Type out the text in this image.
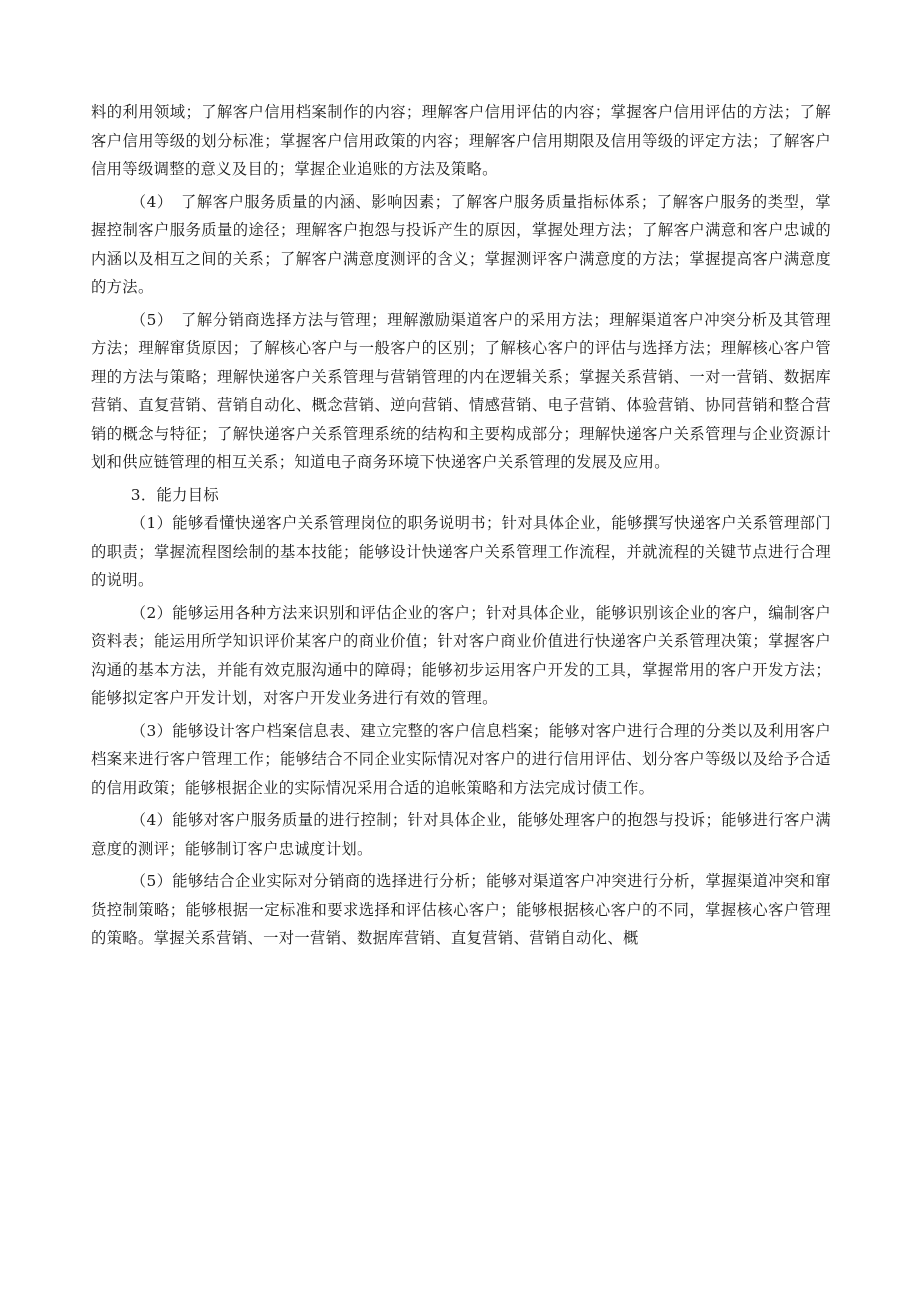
料的利用领域；了解客户信用档案制作的内容；理解客户信用评估的内容；掌握客户信用评估的方法；了解客户信用等级的划分标准；掌握客户信用政策的内容；理解客户信用期限及信用等级的评定方法；了解客户信用等级调整的意义及目的；掌握企业追账的方法及策略。

（4）　了解客户服务质量的内涵、影响因素；了解客户服务质量指标体系；了解客户服务的类型，掌握控制客户服务质量的途径；理解客户抱怨与投诉产生的原因，掌握处理方法；了解客户满意和客户忠诚的内涵以及相互之间的关系；了解客户满意度测评的含义；掌握测评客户满意度的方法；掌握提高客户满意度的方法。

（5）　了解分销商选择方法与管理；理解激励渠道客户的采用方法；理解渠道客户冲突分析及其管理方法；理解窜货原因；了解核心客户与一般客户的区别；了解核心客户的评估与选择方法；理解核心客户管理的方法与策略；理解快递客户关系管理与营销管理的内在逻辑关系；掌握关系营销、一对一营销、数据库营销、直复营销、营销自动化、概念营销、逆向营销、情感营销、电子营销、体验营销、协同营销和整合营销的概念与特征；了解快递客户关系管理系统的结构和主要构成部分；理解快递客户关系管理与企业资源计划和供应链管理的相互关系；知道电子商务环境下快递客户关系管理的发展及应用。

3．能力目标

（1）能够看懂快递客户关系管理岗位的职务说明书；针对具体企业，能够撰写快递客户关系管理部门的职责；掌握流程图绘制的基本技能；能够设计快递客户关系管理工作流程，并就流程的关键节点进行合理的说明。

（2）能够运用各种方法来识别和评估企业的客户；针对具体企业，能够识别该企业的客户，编制客户资料表；能运用所学知识评价某客户的商业价值；针对客户商业价值进行快递客户关系管理决策；掌握客户沟通的基本方法，并能有效克服沟通中的障碍；能够初步运用客户开发的工具，掌握常用的客户开发方法；能够拟定客户开发计划，对客户开发业务进行有效的管理。

（3）能够设计客户档案信息表、建立完整的客户信息档案；能够对客户进行合理的分类以及利用客户档案来进行客户管理工作；能够结合不同企业实际情况对客户的进行信用评估、划分客户等级以及给予合适的信用政策；能够根据企业的实际情况采用合适的追帐策略和方法完成讨债工作。

（4）能够对客户服务质量的进行控制；针对具体企业，能够处理客户的抱怨与投诉；能够进行客户满意度的测评；能够制订客户忠诚度计划。

（5）能够结合企业实际对分销商的选择进行分析；能够对渠道客户冲突进行分析，掌握渠道冲突和窜货控制策略；能够根据一定标准和要求选择和评估核心客户；能够根据核心客户的不同，掌握核心客户管理的策略。掌握关系营销、一对一营销、数据库营销、直复营销、营销自动化、概
